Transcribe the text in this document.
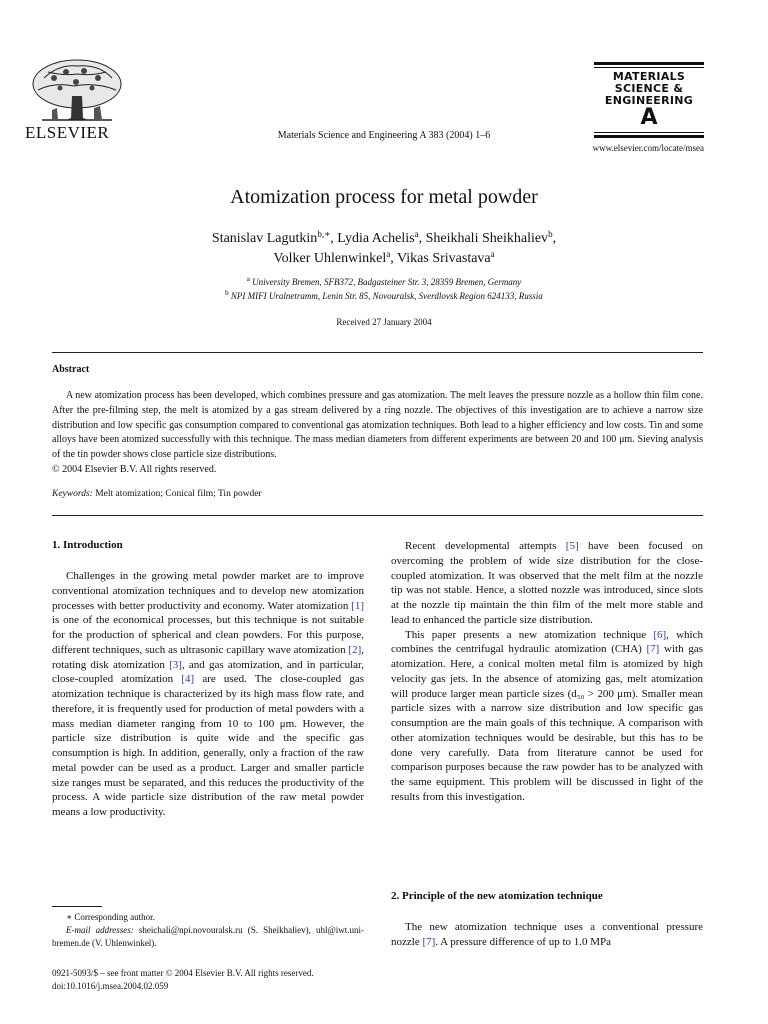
ELSEVIER	Materials Science and Engineering A 383 (2004) 1–6
MATERIALS
SCIENCE &
ENGINEERING
A
www.elsevier.com/locate/msea
Atomization process for metal powder
Stanislav Lagutkin$^{b,∗}$, Lydia Achelis$^a$, Sheikhali Sheikhaliev$^b$,
Volker Uhlenwinkel$^a$, Vikas Srivastava$^a$
$^a$ University Bremen, SFB372, Badgasteiner Str. 3, 28359 Bremen, Germany
$^b$ NPI MIFI Uralnetramm, Lenin Str. 85, Novouralsk, Sverdlovsk Region 624133, Russia
Received 27 January 2004
Abstract
A new atomization process has been developed, which combines pressure and gas atomization. The melt leaves the pressure nozzle as a hollow thin film cone. After the pre-filming step, the melt is atomized by a gas stream delivered by a ring nozzle. The objectives of this investigation are to achieve a narrow size distribution and low specific gas consumption compared to conventional gas atomization techniques. Both lead to a higher efficiency and low costs. Tin and some alloys have been atomized successfully with this technique. The mass median diameters from different experiments are between 20 and 100 μm. Sieving analysis of the tin powder shows close particle size distributions.
© 2004 Elsevier B.V. All rights reserved.
Keywords: Melt atomization; Conical film; Tin powder
1. Introduction

Challenges in the growing metal powder market are to improve conventional atomization techniques and to develop new atomization processes with better productivity and economy. Water atomization [1] is one of the economical processes, but this technique is not suitable for the production of spherical and clean powders. For this purpose, different techniques, such as ultrasonic capillary wave atomization [2], rotating disk atomization [3], and gas atomization, and in particular, close-coupled atomization [4] are used. The close-coupled gas atomization technique is characterized by its high mass flow rate, and therefore, it is frequently used for production of metal powders with a mass median diameter ranging from 10 to 100 μm. However, the particle size distribution is quite wide and the specific gas consumption is high. In addition, generally, only a fraction of the raw metal powder can be used as a product. Larger and smaller particle size ranges must be separated, and this reduces the productivity of the process. A wide particle size distribution of the raw metal powder means a low productivity.

∗ Corresponding author.
E-mail addresses: sheichali@npi.novouralsk.ru (S. Sheikhaliev), uhl@iwt.uni-bremen.de (V. Uhlenwinkel).
0921-5093/$ – see front matter © 2004 Elsevier B.V. All rights reserved.
doi:10.1016/j.msea.2004.02.059

Recent developmental attempts [5] have been focused on overcoming the problem of wide size distribution for the close-coupled atomization. It was observed that the melt film at the nozzle tip was not stable. Hence, a slotted nozzle was introduced, since slots at the nozzle tip maintain the thin film of the melt more stable and lead to enhanced the particle size distribution.

This paper presents a new atomization technique [6], which combines the centrifugal hydraulic atomization (CHA) [7] with gas atomization. Here, a conical molten metal film is atomized by high velocity gas jets. In the absence of atomizing gas, melt atomization will produce larger mean particle sizes (d₅₀ > 200 μm). Smaller mean particle sizes with a narrow size distribution and low specific gas consumption are the main goals of this technique. A comparison with other atomization techniques would be desirable, but this has to be done very carefully. Data from literature cannot be used for comparison purposes because the raw powder has to be analyzed with the same equipment. This problem will be discussed in light of the results from this investigation.

2. Principle of the new atomization technique

The new atomization technique uses a conventional pressure nozzle [7]. A pressure difference of up to 1.0 MPa
